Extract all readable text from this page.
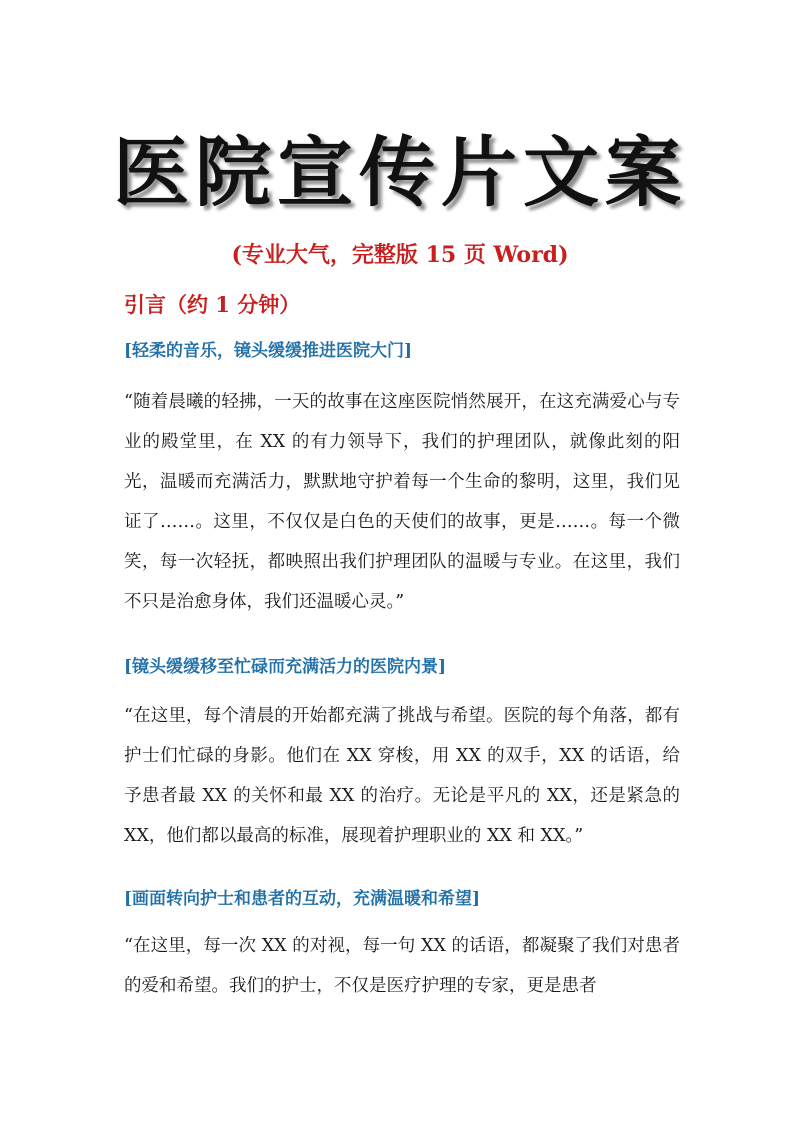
医院宣传片文案

(专业大气，完整版 15 页 Word)

引言（约 1 分钟）

[轻柔的音乐，镜头缓缓推进医院大门]

“随着晨曦的轻拂，一天的故事在这座医院悄然展开，在这充满爱心与专业的殿堂里，在 XX 的有力领导下，我们的护理团队，就像此刻的阳光，温暖而充满活力，默默地守护着每一个生命的黎明，这里，我们见证了……。这里，不仅仅是白色的天使们的故事，更是……。每一个微笑，每一次轻抚，都映照出我们护理团队的温暖与专业。在这里，我们不只是治愈身体，我们还温暖心灵。”

[镜头缓缓移至忙碌而充满活力的医院内景]

“在这里，每个清晨的开始都充满了挑战与希望。医院的每个角落，都有护士们忙碌的身影。他们在 XX 穿梭，用 XX 的双手，XX 的话语，给予患者最 XX 的关怀和最 XX 的治疗。无论是平凡的 XX，还是紧急的 XX，他们都以最高的标准，展现着护理职业的 XX 和 XX。”

[画面转向护士和患者的互动，充满温暖和希望]

“在这里，每一次 XX 的对视，每一句 XX 的话语，都凝聚了我们对患者的爱和希望。我们的护士，不仅是医疗护理的专家，更是患者
